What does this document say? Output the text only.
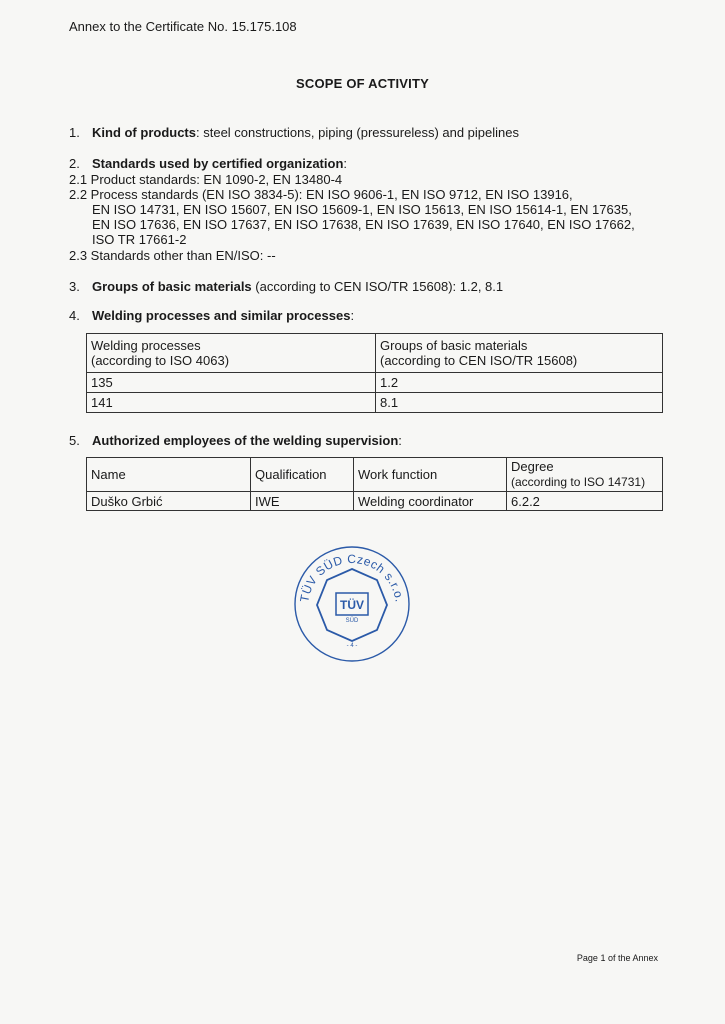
Annex to the Certificate No. 15.175.108
SCOPE OF ACTIVITY
1. Kind of products: steel constructions, piping (pressureless) and pipelines
2. Standards used by certified organization:
2.1 Product standards: EN 1090-2, EN 13480-4
2.2 Process standards (EN ISO 3834-5): EN ISO 9606-1, EN ISO 9712, EN ISO 13916,
EN ISO 14731, EN ISO 15607, EN ISO 15609-1, EN ISO 15613, EN ISO 15614-1, EN 17635,
EN ISO 17636, EN ISO 17637, EN ISO 17638, EN ISO 17639, EN ISO 17640, EN ISO 17662,
ISO TR 17661-2
2.3 Standards other than EN/ISO: --
3. Groups of basic materials (according to CEN ISO/TR 15608): 1.2, 8.1
4. Welding processes and similar processes:
Welding processes
(according to ISO 4063)	Groups of basic materials
(according to CEN ISO/TR 15608)
135	1.2
141	8.1
5. Authorized employees of the welding supervision:
Name	Qualification	Work function	Degree
(according to ISO 14731)
Duško Grbić	IWE	Welding coordinator	6.2.2
TÜV SÜD Czech s.r.o.
TÜV
SÜD
- 4 -
Page 1 of the Annex
